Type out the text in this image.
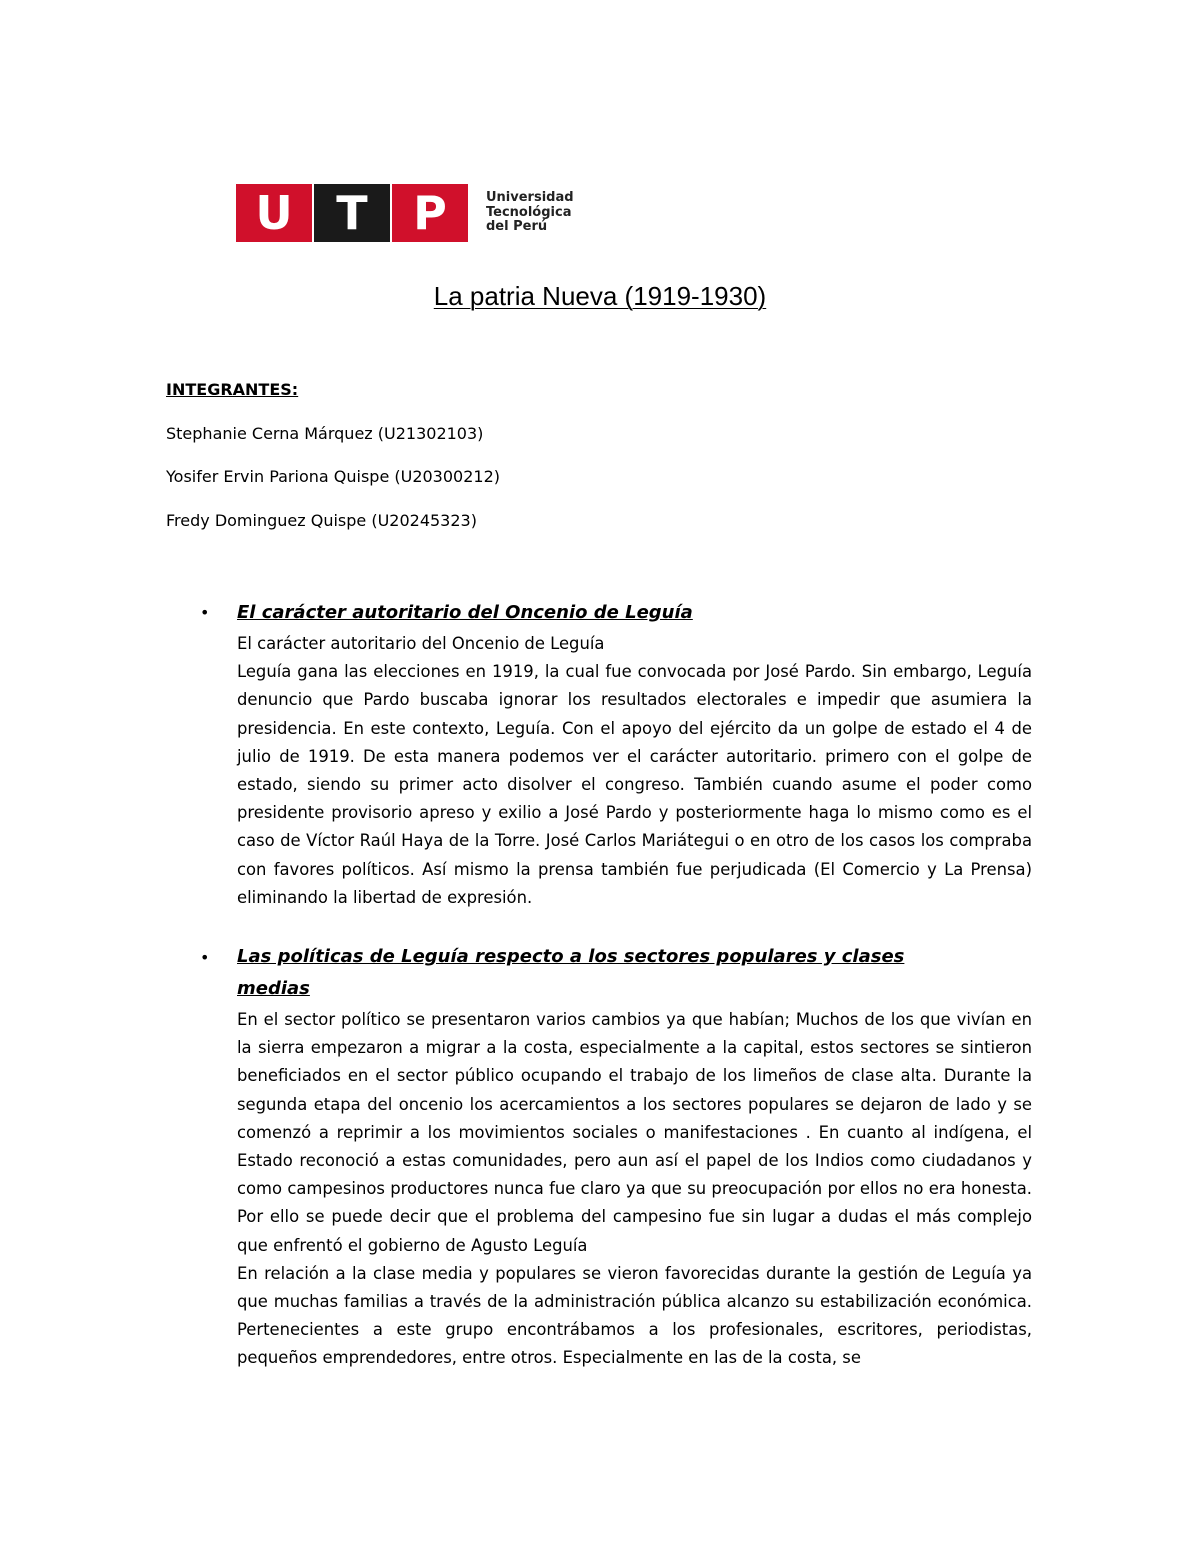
U T P	Universidad
Tecnológica
del Perú
La patria Nueva (1919-1930)
INTEGRANTES:
Stephanie Cerna Márquez (U21302103)
Yosifer Ervin Pariona Quispe (U20300212)
Fredy Dominguez Quispe (U20245323)
• El carácter autoritario del Oncenio de Leguía

El carácter autoritario del Oncenio de Leguía

Leguía gana las elecciones en 1919, la cual fue convocada por José Pardo. Sin embargo, Leguía denuncio que Pardo buscaba ignorar los resultados electorales e impedir que asumiera la presidencia. En este contexto, Leguía. Con el apoyo del ejército da un golpe de estado el 4 de julio de 1919. De esta manera podemos ver el carácter autoritario. primero con el golpe de estado, siendo su primer acto disolver el congreso. También cuando asume el poder como presidente provisorio apreso y exilio a José Pardo y posteriormente haga lo mismo como es el caso de Víctor Raúl Haya de la Torre. José Carlos Mariátegui o en otro de los casos los compraba con favores políticos. Así mismo la prensa también fue perjudicada (El Comercio y La Prensa) eliminando la libertad de expresión.

• Las políticas de Leguía respecto a los sectores populares y clases medias

En el sector político se presentaron varios cambios ya que habían; Muchos de los que vivían en la sierra empezaron a migrar a la costa, especialmente a la capital, estos sectores se sintieron beneficiados en el sector público ocupando el trabajo de los limeños de clase alta. Durante la segunda etapa del oncenio los acercamientos a los sectores populares se dejaron de lado y se comenzó a reprimir a los movimientos sociales o manifestaciones . En cuanto al indígena, el Estado reconoció a estas comunidades, pero aun así el papel de los Indios como ciudadanos y como campesinos productores nunca fue claro ya que su preocupación por ellos no era honesta. Por ello se puede decir que el problema del campesino fue sin lugar a dudas el más complejo que enfrentó el gobierno de Agusto Leguía

En relación a la clase media y populares se vieron favorecidas durante la gestión de Leguía ya que muchas familias a través de la administración pública alcanzo su estabilización económica. Pertenecientes a este grupo encontrábamos a los profesionales, escritores, periodistas, pequeños emprendedores, entre otros. Especialmente en las de la costa, se
